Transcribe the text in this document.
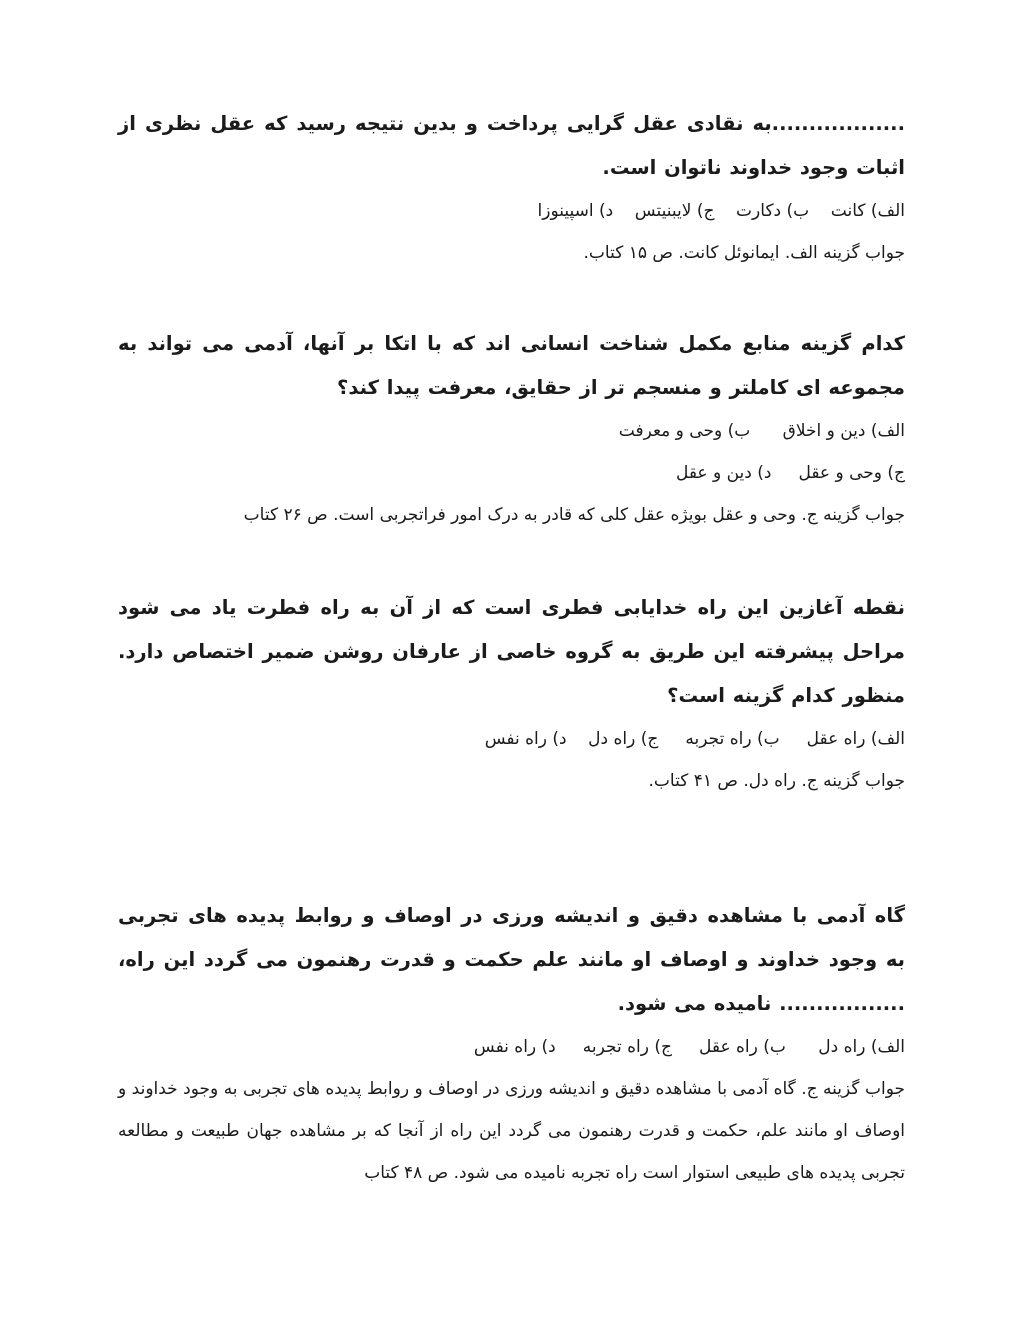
..................به نقادی عقل گرایی پرداخت و بدین نتیجه رسید که عقل نظری از اثبات وجود خداوند ناتوان است.

الف) کانت    ب) دکارت    ج) لایبنیتس    د) اسپینوزا

جواب گزینه الف. ایمانوئل کانت. ص ۱۵ کتاب.

کدام گزینه منابع مکمل شناخت انسانی اند که با اتکا بر آنها، آدمی می تواند به مجموعه ای کاملتر و منسجم تر از حقایق، معرفت پیدا کند؟

الف) دین و اخلاق      ب) وحی و معرفت

ج) وحی و عقل     د) دین و عقل

جواب گزینه ج. وحی و عقل بویژه عقل کلی که قادر به درک امور فراتجربی است. ص ۲۶ کتاب

نقطه آغازین این راه خدایابی فطری است که از آن به راه فطرت یاد می شود مراحل پیشرفته این طریق به گروه خاصی از عارفان روشن ضمیر اختصاص دارد. منظور کدام گزینه است؟

الف) راه عقل     ب) راه تجربه     ج) راه دل    د) راه نفس

جواب گزینه ج. راه دل. ص ۴۱ کتاب.

گاه آدمی با مشاهده دقیق و اندیشه ورزی در اوصاف و روابط پدیده های تجربی به وجود خداوند و اوصاف او مانند علم حکمت و قدرت رهنمون می گردد این راه، ................. نامیده می شود.

الف) راه دل      ب) راه عقل     ج) راه تجربه     د) راه نفس

جواب گزینه ج. گاه آدمی با مشاهده دقیق و اندیشه ورزی در اوصاف و روابط پدیده های تجربی به وجود خداوند و اوصاف او مانند علم، حکمت و قدرت رهنمون می گردد این راه از آنجا که بر مشاهده جهان طبیعت و مطالعه تجربی پدیده های طبیعی استوار است راه تجربه نامیده می شود. ص ۴۸ کتاب
